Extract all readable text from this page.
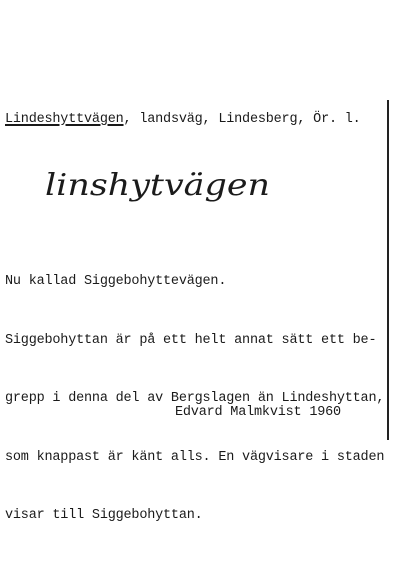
Lindeshyttvägen, landsväg, Lindesberg, Ör. l.
linshytvägen

Nu kallad Siggebohyttevägen.

Siggebohyttan är på ett helt annat sätt ett be-

grepp i denna del av Bergslagen än Lindeshyttan,

som knappast är känt alls. En vägvisare i staden

visar till Siggebohyttan.

Edvard Malmkvist 1960
